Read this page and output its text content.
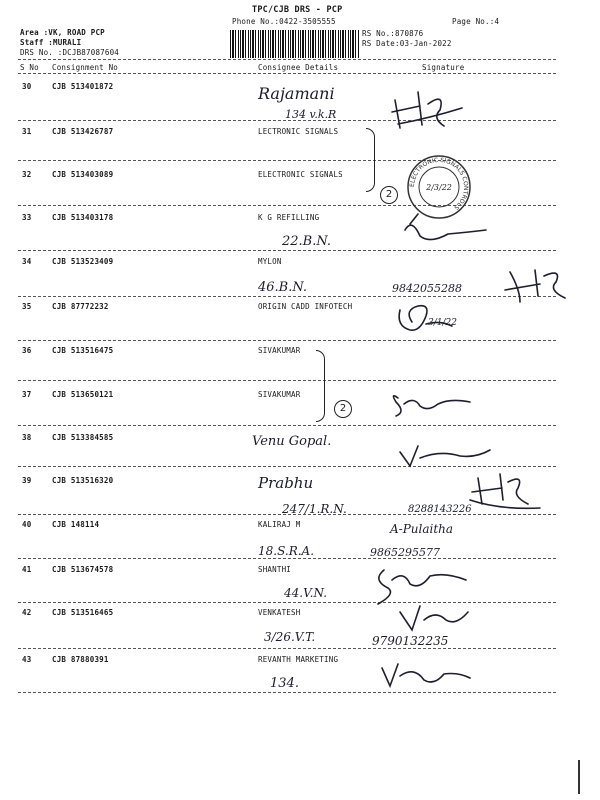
TPC/CJB DRS - PCP
Phone No.:0422-3505555	Page No.:4
Area :VK, ROAD PCP
Staff :MURALI
DRS No. :DCJB87087604
RS No.:870876
RS Date:03-Jan-2022
S No Consignment No	Consignee Details	Signature
30	CJB 513401872	Rajamani
134 v.k.R
31	CJB 513426787	LECTRONIC SIGNALS
32	CJB 513403089	ELECTRONIC SIGNALS
2
ELECTRONIC SIGNALS CONTROLS
2/3/22
33	CJB 513403178	K G REFILLING
22.B.N.
34	CJB 513523409	MYLON
46.B.N.	9842055288
35	CJB 87772232	ORIGIN CADD INFOTECH
3/1/22
36	CJB 513516475	SIVAKUMAR
37	CJB 513650121	SIVAKUMAR
2
38	CJB 513384585	Venu Gopal.
39	CJB 513516320	Prabhu
247/1.R.N.	8288143226
40	CJB 148114	KALIRAJ M	A-Pulaitha
18.S.R.A.	9865295577
41	CJB 513674578	SHANTHI
44.V.N.
42	CJB 513516465	VENKATESH
3/26.V.T.	9790132235
43	CJB 87880391	REVANTH MARKETING
134.
